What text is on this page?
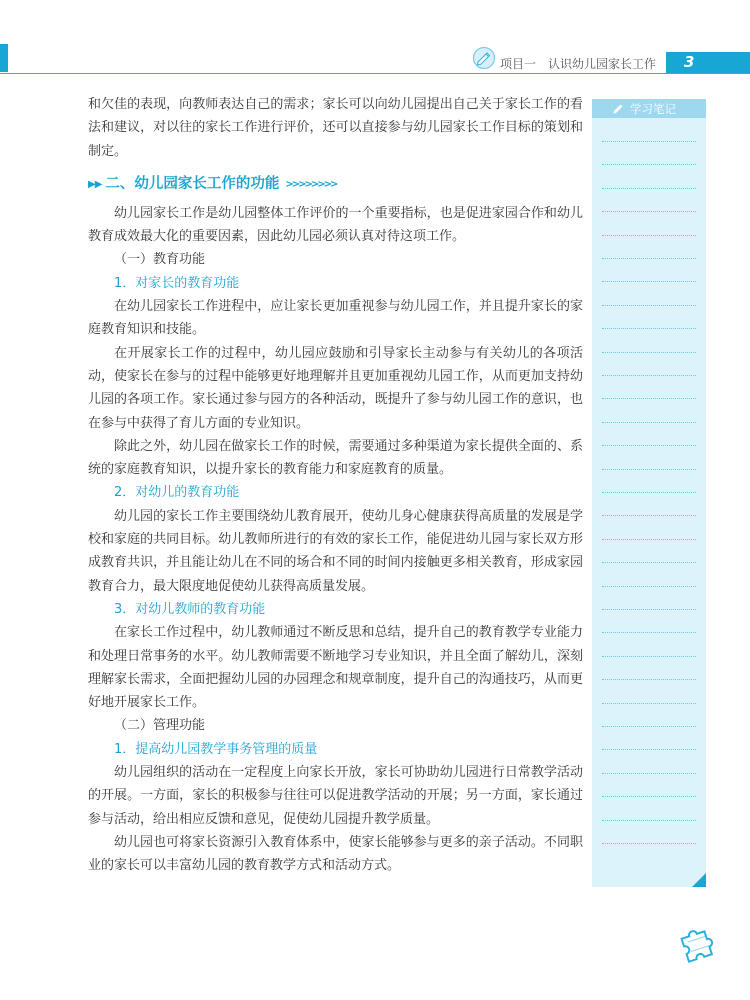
项目一　认识幼儿园家长工作 3

和欠佳的表现，向教师表达自己的需求；家长可以向幼儿园提出自己关于家长工作的看法和建议，对以往的家长工作进行评价，还可以直接参与幼儿园家长工作目标的策划和制定。

▶▶ 二、幼儿园家长工作的功能 >>>>>>>>

幼儿园家长工作是幼儿园整体工作评价的一个重要指标，也是促进家园合作和幼儿教育成效最大化的重要因素，因此幼儿园必须认真对待这项工作。

（一）教育功能
1．对家长的教育功能

在幼儿园家长工作进程中，应让家长更加重视参与幼儿园工作，并且提升家长的家庭教育知识和技能。

在开展家长工作的过程中，幼儿园应鼓励和引导家长主动参与有关幼儿的各项活动，使家长在参与的过程中能够更好地理解并且更加重视幼儿园工作，从而更加支持幼儿园的各项工作。家长通过参与园方的各种活动，既提升了参与幼儿园工作的意识，也在参与中获得了育儿方面的专业知识。

除此之外，幼儿园在做家长工作的时候，需要通过多种渠道为家长提供全面的、系统的家庭教育知识，以提升家长的教育能力和家庭教育的质量。

2．对幼儿的教育功能

幼儿园的家长工作主要围绕幼儿教育展开，使幼儿身心健康获得高质量的发展是学校和家庭的共同目标。幼儿教师所进行的有效的家长工作，能促进幼儿园与家长双方形成教育共识，并且能让幼儿在不同的场合和不同的时间内接触更多相关教育，形成家园教育合力，最大限度地促使幼儿获得高质量发展。

3．对幼儿教师的教育功能

在家长工作过程中，幼儿教师通过不断反思和总结，提升自己的教育教学专业能力和处理日常事务的水平。幼儿教师需要不断地学习专业知识，并且全面了解幼儿，深刻理解家长需求，全面把握幼儿园的办园理念和规章制度，提升自己的沟通技巧，从而更好地开展家长工作。

（二）管理功能
1．提高幼儿园教学事务管理的质量

幼儿园组织的活动在一定程度上向家长开放，家长可协助幼儿园进行日常教学活动的开展。一方面，家长的积极参与往往可以促进教学活动的开展；另一方面，家长通过参与活动，给出相应反馈和意见，促使幼儿园提升教学质量。

幼儿园也可将家长资源引入教育体系中，使家长能够参与更多的亲子活动。不同职业的家长可以丰富幼儿园的教育教学方式和活动方式。

学习笔记
